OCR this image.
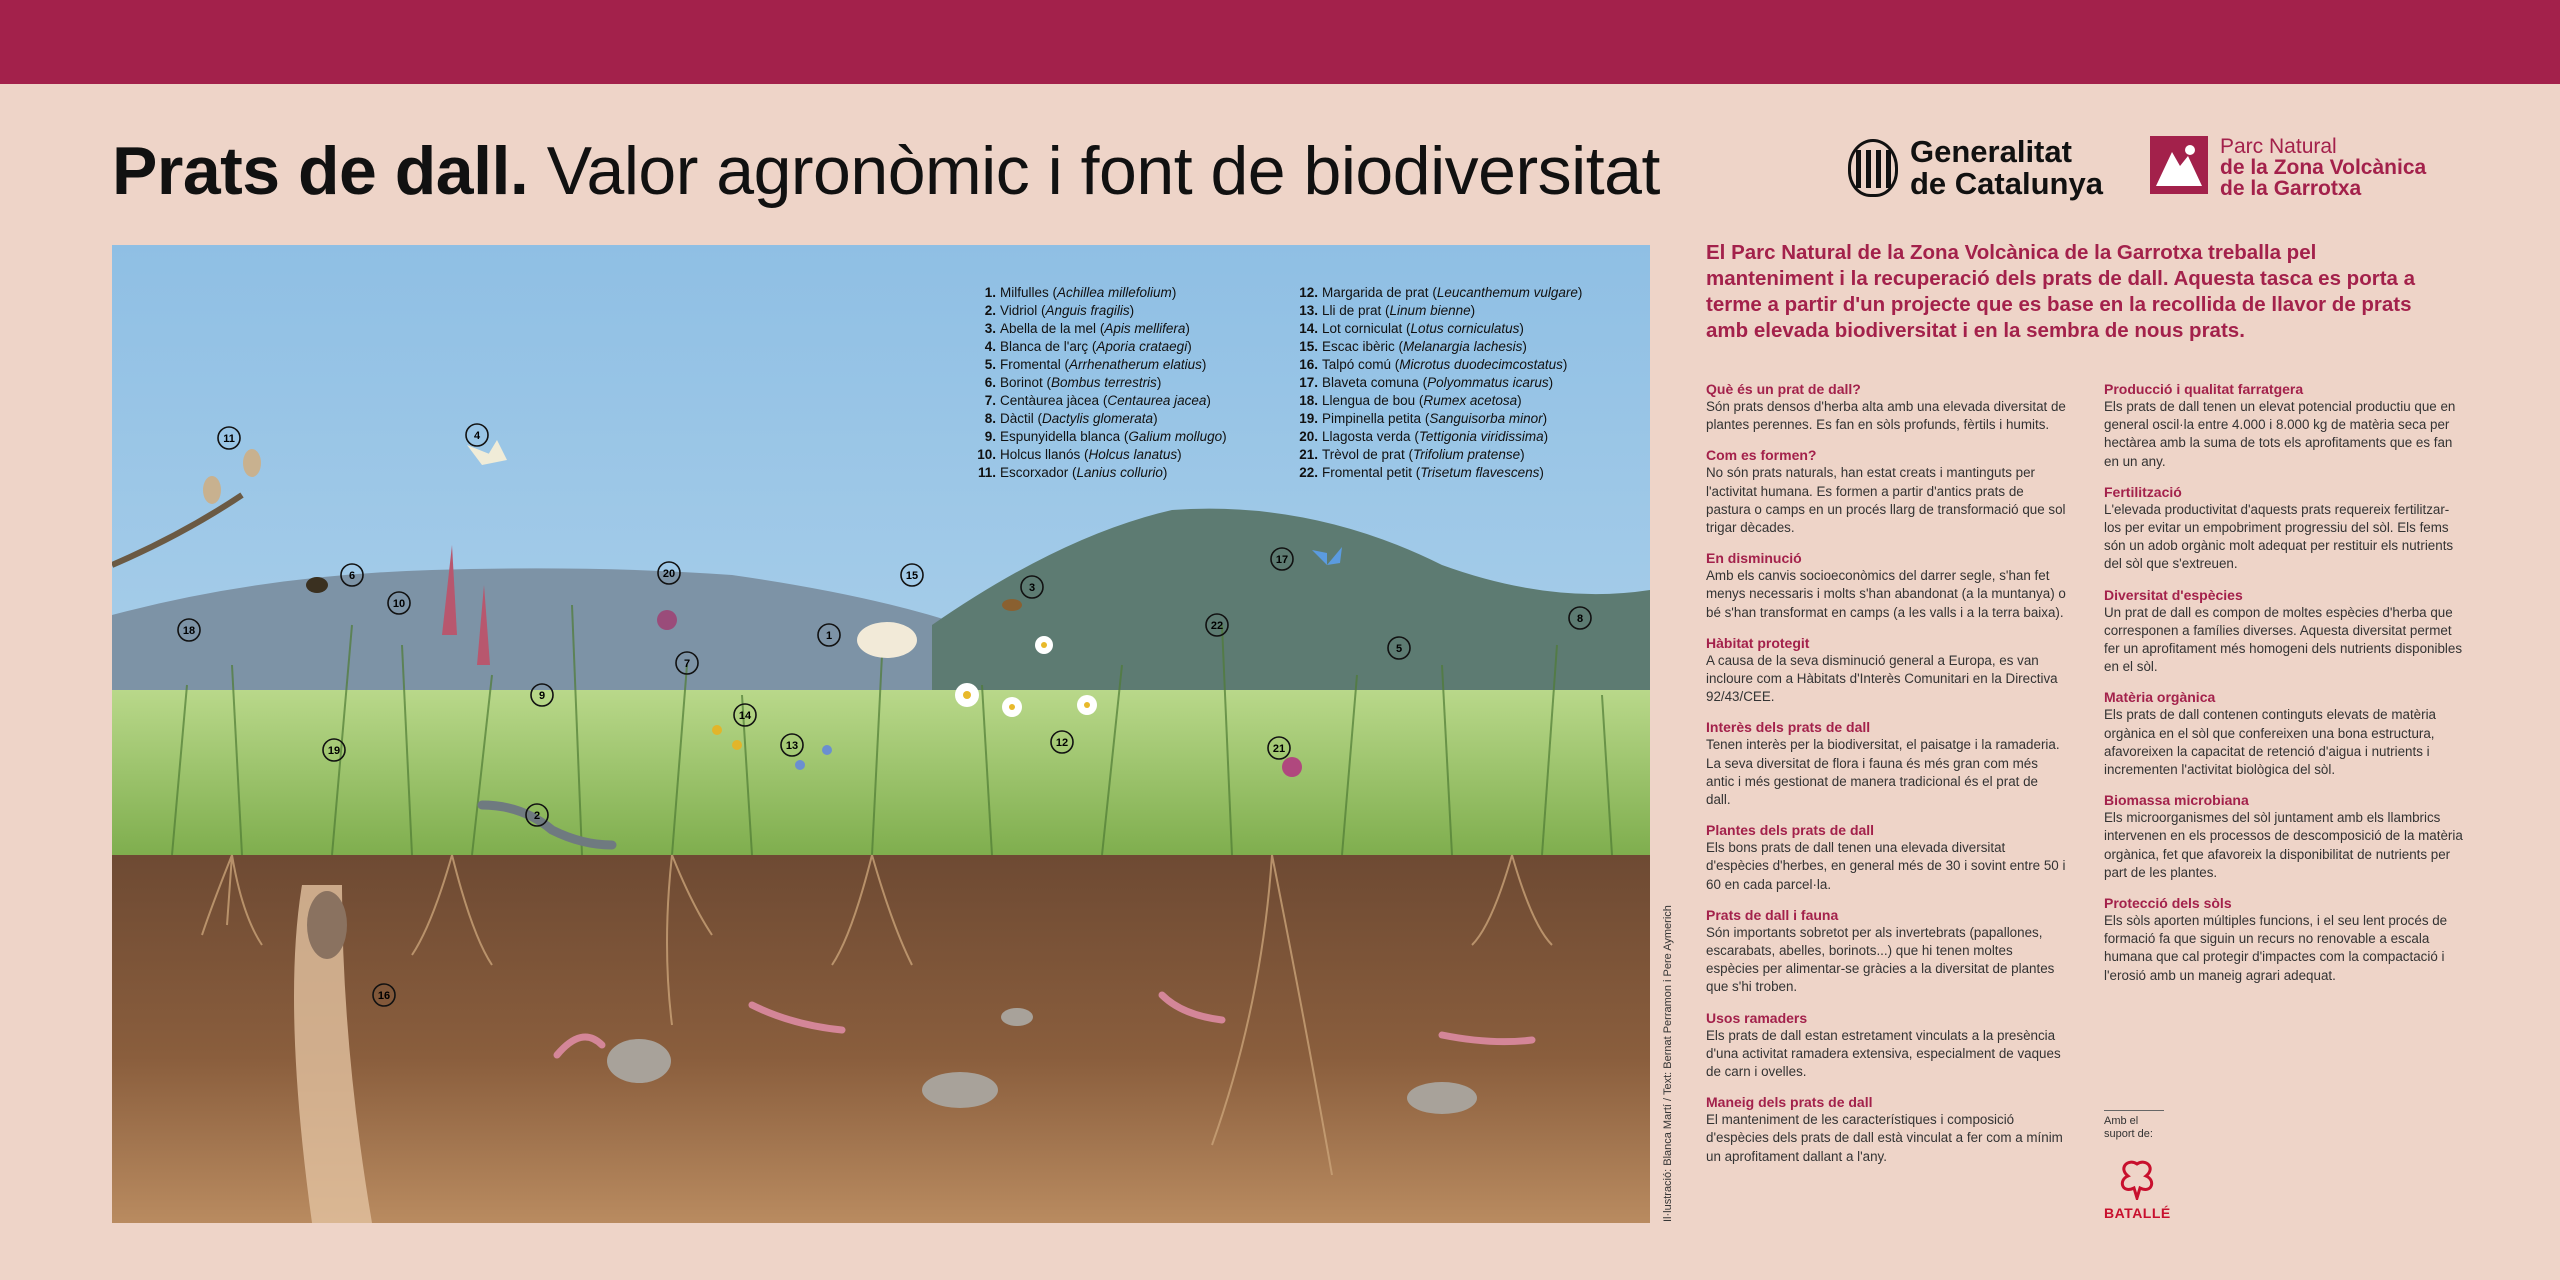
Prats de dall. Valor agronòmic i font de biodiversitat	Generalitat
de Catalunya
Parc Natural
de la Zona Volcànica
de la Garrotxa
1
2
3
4
5
6
7
8
9
10
11
12
13
14
15
16
17
18
19
20
21
22
1. Milfulles (Achillea millefolium)
2. Vidriol (Anguis fragilis)
3. Abella de la mel (Apis mellifera)
4. Blanca de l'arç (Aporia crataegi)
5. Fromental (Arrhenatherum elatius)
6. Borinot (Bombus terrestris)
7. Centàurea jàcea (Centaurea jacea)
8. Dàctil (Dactylis glomerata)
9. Espunyidella blanca (Galium mollugo)
10. Holcus llanós (Holcus lanatus)
11. Escorxador (Lanius collurio)
12. Margarida de prat (Leucanthemum vulgare)
13. Lli de prat (Linum bienne)
14. Lot corniculat (Lotus corniculatus)
15. Escac ibèric (Melanargia lachesis)
16. Talpó comú (Microtus duodecimcostatus)
17. Blaveta comuna (Polyommatus icarus)
18. Llengua de bou (Rumex acetosa)
19. Pimpinella petita (Sanguisorba minor)
20. Llagosta verda (Tettigonia viridissima)
21. Trèvol de prat (Trifolium pratense)
22. Fromental petit (Trisetum flavescens)
Il·lustració: Blanca Martí / Text: Bernat Perramon i Pere Aymerich
El Parc Natural de la Zona Volcànica de la Garrotxa treballa pel manteniment i la recuperació dels prats de dall. Aquesta tasca es porta a terme a partir d'un projecte que es base en la recollida de llavor de prats amb elevada biodiversitat i en la sembra de nous prats.
Què és un prat de dall?

Són prats densos d'herba alta amb una elevada diversitat de plantes perennes. Es fan en sòls profunds, fèrtils i humits.

Com es formen?

No són prats naturals, han estat creats i mantinguts per l'activitat humana. Es formen a partir d'antics prats de pastura o camps en un procés llarg de transformació que sol trigar dècades.

En disminució

Amb els canvis socioeconòmics del darrer segle, s'han fet menys necessaris i molts s'han abandonat (a la muntanya) o bé s'han transformat en camps (a les valls i a la terra baixa).

Hàbitat protegit

A causa de la seva disminució general a Europa, es van incloure com a Hàbitats d'Interès Comunitari en la Directiva 92/43/CEE.

Interès dels prats de dall

Tenen interès per la biodiversitat, el paisatge i la ramaderia. La seva diversitat de flora i fauna és més gran com més antic i més gestionat de manera tradicional és el prat de dall.

Plantes dels prats de dall

Els bons prats de dall tenen una elevada diversitat d'espècies d'herbes, en general més de 30 i sovint entre 50 i 60 en cada parcel·la.

Prats de dall i fauna

Són importants sobretot per als invertebrats (papallones, escarabats, abelles, borinots...) que hi tenen moltes espècies per alimentar-se gràcies a la diversitat de plantes que s'hi troben.

Usos ramaders

Els prats de dall estan estretament vinculats a la presència d'una activitat ramadera extensiva, especialment de vaques de carn i ovelles.

Maneig dels prats de dall

El manteniment de les característiques i composició d'espècies dels prats de dall està vinculat a fer com a mínim un aprofitament dallant a l'any.

Producció i qualitat farratgera

Els prats de dall tenen un elevat potencial productiu que en general oscil·la entre 4.000 i 8.000 kg de matèria seca per hectàrea amb la suma de tots els aprofitaments que es fan en un any.

Fertilització

L'elevada productivitat d'aquests prats requereix fertilitzar-los per evitar un empobriment progressiu del sòl. Els fems són un adob orgànic molt adequat per restituir els nutrients del sòl que s'extreuen.

Diversitat d'espècies

Un prat de dall es compon de moltes espècies d'herba que corresponen a famílies diverses. Aquesta diversitat permet fer un aprofitament més homogeni dels nutrients disponibles en el sòl.

Matèria orgànica

Els prats de dall contenen continguts elevats de matèria orgànica en el sòl que confereixen una bona estructura, afavoreixen la capacitat de retenció d'aigua i nutrients i incrementen l'activitat biològica del sòl.

Biomassa microbiana

Els microorganismes del sòl juntament amb els llambrics intervenen en els processos de descomposició de la matèria orgànica, fet que afavoreix la disponibilitat de nutrients per part de les plantes.

Protecció dels sòls

Els sòls aporten múltiples funcions, i el seu lent procés de formació fa que siguin un recurs no renovable a escala humana que cal protegir d'impactes com la compactació i l'erosió amb un maneig agrari adequat.

Amb el suport de:
BATALLÉ
